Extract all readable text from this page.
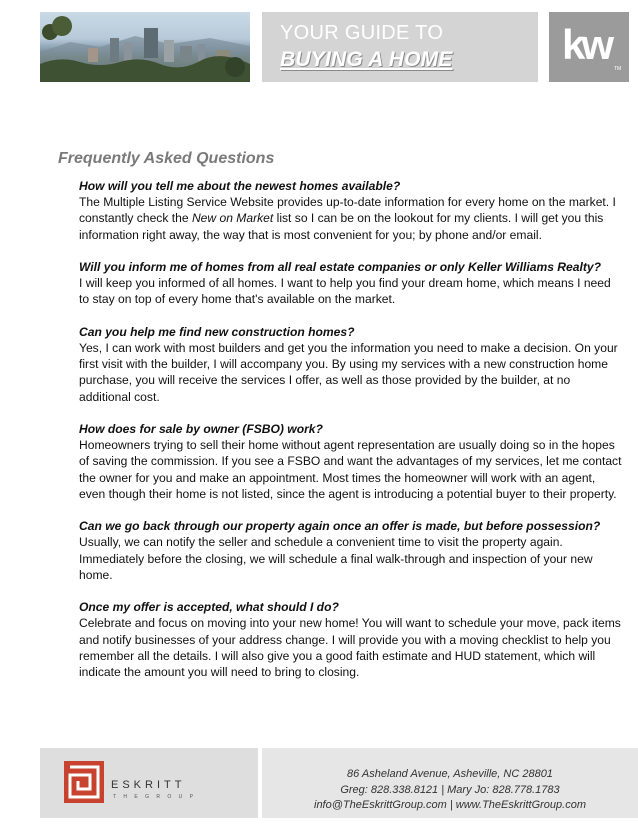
YOUR GUIDE TO
BUYING A HOME	kw
TM
Frequently Asked Questions
How will you tell me about the newest homes available?
The Multiple Listing Service Website provides up-to-date information for every home on the market. I constantly check the New on Market list so I can be on the lookout for my clients. I will get you this information right away, the way that is most convenient for you; by phone and/or email.
Will you inform me of homes from all real estate companies or only Keller Williams Realty?
I will keep you informed of all homes. I want to help you find your dream home, which means I need to stay on top of every home that's available on the market.
Can you help me find new construction homes?
Yes, I can work with most builders and get you the information you need to make a decision. On your first visit with the builder, I will accompany you. By using my services with a new construction home purchase, you will receive the services I offer, as well as those provided by the builder, at no additional cost.
How does for sale by owner (FSBO) work?
Homeowners trying to sell their home without agent representation are usually doing so in the hopes of saving the commission. If you see a FSBO and want the advantages of my services, let me contact the owner for you and make an appointment. Most times the homeowner will work with an agent, even though their home is not listed, since the agent is introducing a potential buyer to their property.
Can we go back through our property again once an offer is made, but before possession?
Usually, we can notify the seller and schedule a convenient time to visit the property again. Immediately before the closing, we will schedule a final walk-through and inspection of your new home.
Once my offer is accepted, what should I do?
Celebrate and focus on moving into your new home! You will want to schedule your move, pack items and notify businesses of your address change. I will provide you with a moving checklist to help you remember all the details. I will also give you a good faith estimate and HUD statement, which will indicate the amount you will need to bring to closing.
ESKRITT
T H E G R O U P
86 Asheland Avenue, Asheville, NC 28801
Greg: 828.338.8121 | Mary Jo: 828.778.1783
info@TheEskrittGroup.com | www.TheEskrittGroup.com
